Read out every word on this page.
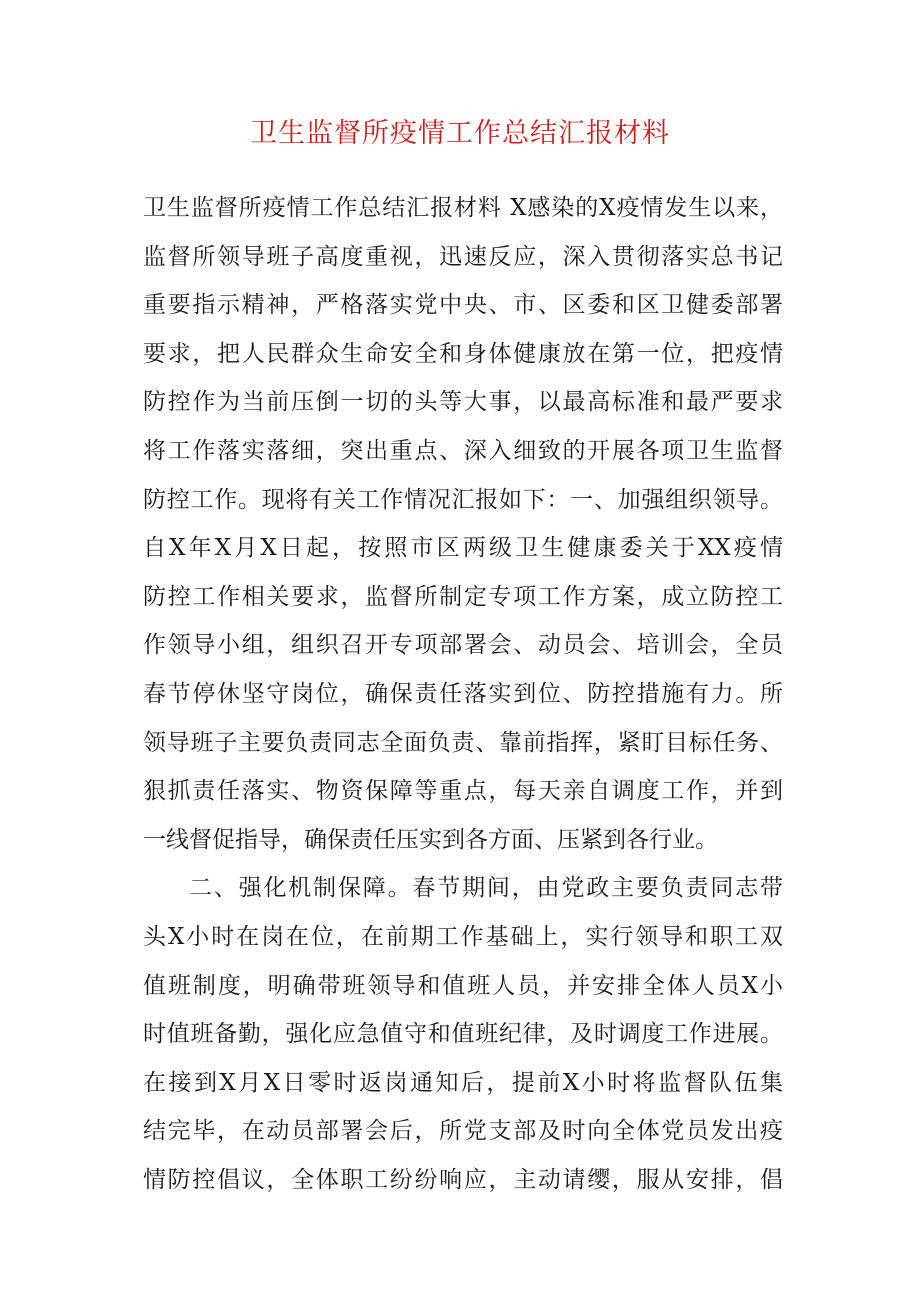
卫生监督所疫情工作总结汇报材料
卫生监督所疫情工作总结汇报材料 X感染的X疫情发生以来，
监督所领导班子高度重视，迅速反应，深入贯彻落实总书记
重要指示精神，严格落实党中央、市、区委和区卫健委部署
要求，把人民群众生命安全和身体健康放在第一位，把疫情
防控作为当前压倒一切的头等大事，以最高标准和最严要求
将工作落实落细，突出重点、深入细致的开展各项卫生监督
防控工作。现将有关工作情况汇报如下：一、加强组织领导。
自X年X月X日起，按照市区两级卫生健康委关于XX疫情
防控工作相关要求，监督所制定专项工作方案，成立防控工
作领导小组，组织召开专项部署会、动员会、培训会，全员
春节停休坚守岗位，确保责任落实到位、防控措施有力。所
领导班子主要负责同志全面负责、靠前指挥，紧盯目标任务、
狠抓责任落实、物资保障等重点，每天亲自调度工作，并到
一线督促指导，确保责任压实到各方面、压紧到各行业。
二、强化机制保障。春节期间，由党政主要负责同志带
头X小时在岗在位，在前期工作基础上，实行领导和职工双
值班制度，明确带班领导和值班人员，并安排全体人员X小
时值班备勤，强化应急值守和值班纪律，及时调度工作进展。
在接到X月X日零时返岗通知后，提前X小时将监督队伍集
结完毕，在动员部署会后，所党支部及时向全体党员发出疫
情防控倡议，全体职工纷纷响应，主动请缨，服从安排，倡
